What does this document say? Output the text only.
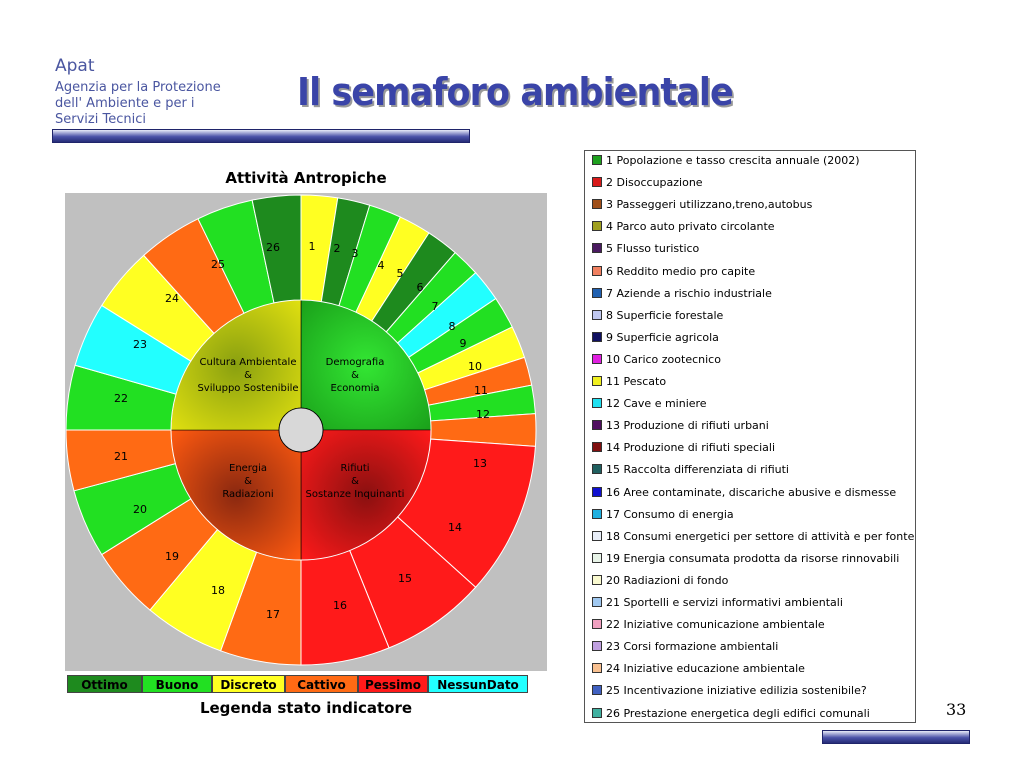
Apat
Agenzia per la Protezione
dell' Ambiente e per i
Servizi Tecnici
Il semaforo ambientale
1 2 3
4
5
6
7
8
9
10
11
12
13
14
15
16
17
18
19
20
21
22
23
24
25
26
Demografia
&
Economia
Rifiuti
&
Sostanze Inquinanti
Energia
&
Radiazioni
Cultura Ambientale
&
Sviluppo Sostenibile
Attività Antropiche
Ottimo	Buono	Discreto	Cattivo	Pessimo	NessunDato
Legenda stato indicatore
1 Popolazione e tasso crescita annuale (2002)
2 Disoccupazione
3 Passeggeri utilizzano,treno,autobus
4 Parco auto privato circolante
5 Flusso turistico
6 Reddito medio pro capite
7 Aziende a rischio industriale
8 Superficie forestale
9 Superficie agricola
10 Carico zootecnico
11 Pescato
12 Cave e miniere
13 Produzione di rifiuti urbani
14 Produzione di rifiuti speciali
15 Raccolta differenziata di rifiuti
16 Aree contaminate, discariche abusive e dismesse
17 Consumo di energia
18 Consumi energetici per settore di attività e per fonte
19 Energia consumata prodotta da risorse rinnovabili
20 Radiazioni di fondo
21 Sportelli e servizi informativi ambientali
22 Iniziative comunicazione ambientale
23 Corsi formazione ambientali
24 Iniziative educazione ambientale
25 Incentivazione iniziative edilizia sostenibile?
26 Prestazione energetica degli edifici comunali	33
